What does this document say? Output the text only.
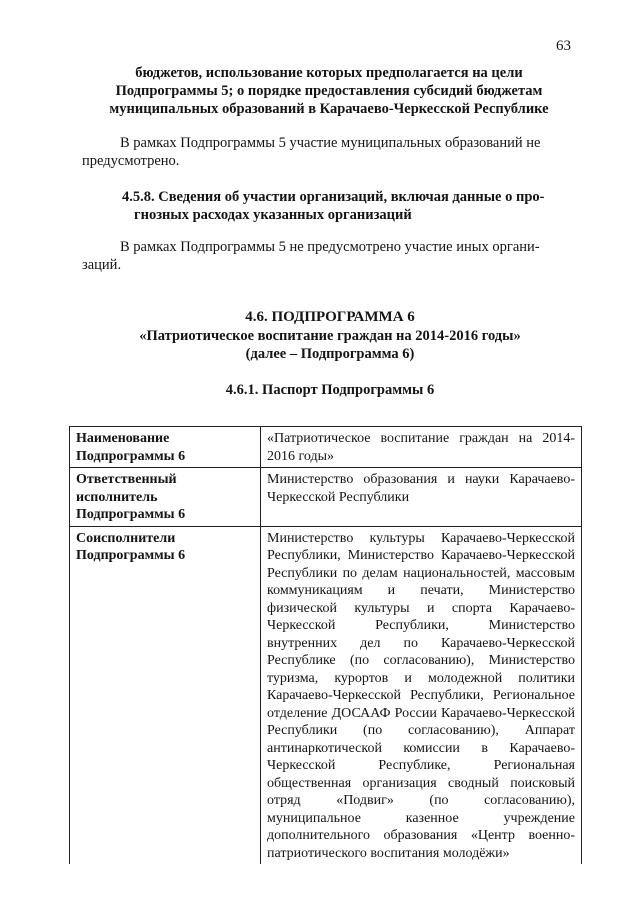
63
бюджетов, использование которых предполагается на цели
Подпрограммы 5; о порядке предоставления субсидий бюджетам
муниципальных образований в Карачаево-Черкесской Республике
В рамках Подпрограммы 5 участие муниципальных образований не
предусмотрено.
4.5.8. Сведения об участии организаций, включая данные о про-
гнозных расходах указанных организаций
В рамках Подпрограммы 5 не предусмотрено участие иных органи-
заций.
4.6. ПОДПРОГРАММА 6
«Патриотическое воспитание граждан на 2014-2016 годы»
(далее – Подпрограмма 6)
4.6.1. Паспорт Подпрограммы 6
Наименование Подпрограммы 6	«Патриотическое воспитание граждан на 2014-2016 годы»
Ответственный исполнитель Подпрограммы 6	Министерство образования и науки Карачаево-Черкесской Республики
Соисполнители Подпрограммы 6	Министерство культуры Карачаево-Черкесской Республики, Министерство Карачаево-Черкесской Республики по делам национальностей, массовым коммуникациям и печати, Министерство физической культуры и спорта Карачаево-Черкесской Республики, Министерство внутренних дел по Карачаево-Черкесской Республике (по согласованию), Министерство туризма, курортов и молодежной политики Карачаево-Черкесской Республики, Региональное отделение ДОСААФ России Карачаево-Черкесской Республики (по согласованию), Аппарат антинаркотической комиссии в Карачаево-Черкесской Республике, Региональная общественная организация сводный поисковый отряд «Подвиг» (по согласованию), муниципальное казенное учреждение дополнительного образования «Центр военно-патриотического воспитания молодёжи»
